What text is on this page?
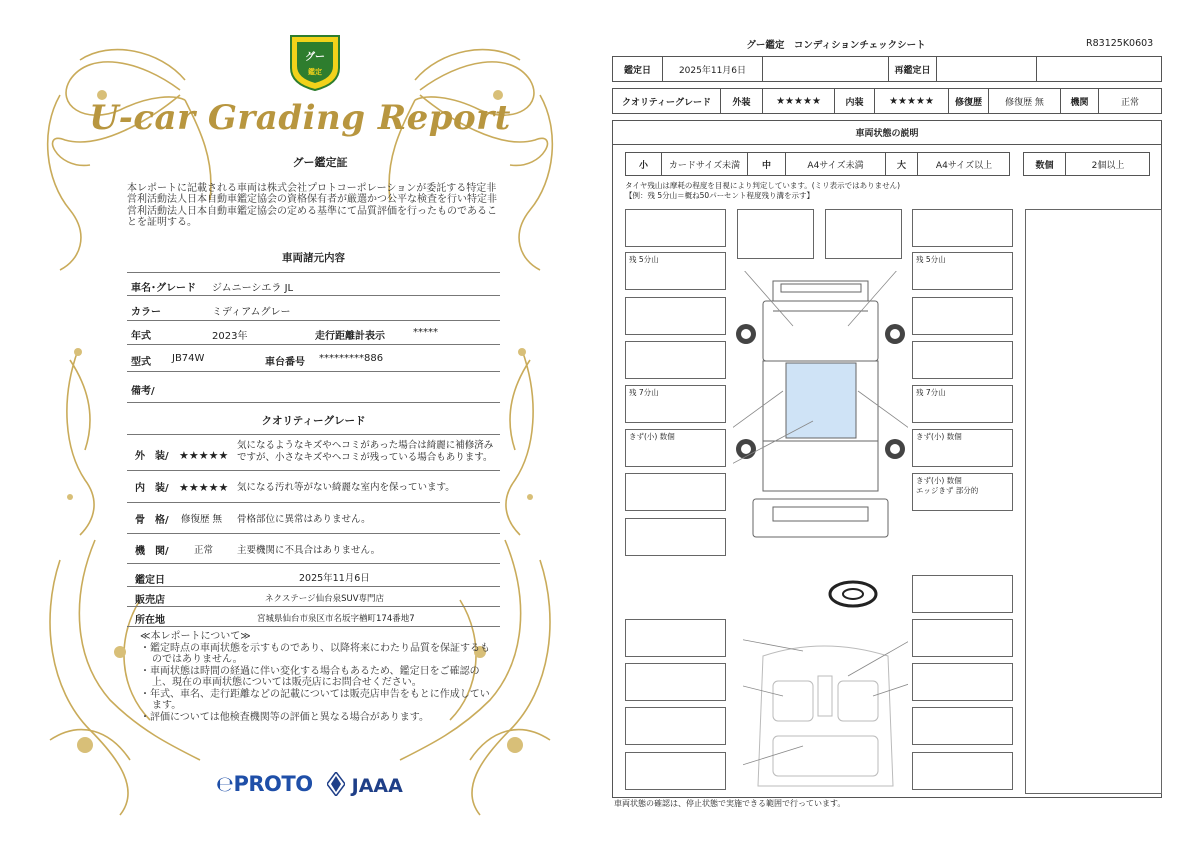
グー
鑑定
U-car Grading Report
グー鑑定証
本レポートに記載される車両は株式会社プロトコーポレーションが委託する特定非営利活動法人日本自動車鑑定協会の資格保有者が厳選かつ公平な検査を行い特定非営利活動法人日本自動車鑑定協会の定める基準にて品質評価を行ったものであることを証明する。
車両諸元内容
車名･グレード ジムニーシエラ JL
カラー	ミディアムグレー
年式	2023年	走行距離計表示	*****
型式 JB74W	車台番号 *********886
備考/
クオリティーグレード
外　装/ ★★★★★
気になるようなキズやヘコミがあった場合は綺麗に補修済みですが、小さなキズやヘコミが残っている場合もあります。
内　装/ ★★★★★ 気になる汚れ等がない綺麗な室内を保っています。
骨　格/ 修復歴 無 骨格部位に異常はありません。
機　関/	正常	主要機関に不具合はありません。
鑑定日	2025年11月6日
販売店	ネクステージ仙台泉SUV専門店
所在地	宮城県仙台市泉区市名坂字楢町174番地7
≪本レポートについて≫
・鑑定時点の車両状態を示すものであり、以降将来にわたり品質を保証するものではありません。
・車両状態は時間の経過に伴い変化する場合もあるため、鑑定日をご確認の上、現在の車両状態については販売店にお問合せください。
・年式、車名、走行距離などの記載については販売店申告をもとに作成しています。
・評価については他検査機関等の評価と異なる場合があります。
℮PROTO	JAAA
グー鑑定　コンディションチェックシート	R83125K0603
鑑定日	2025年11月6日	再鑑定日
クオリティーグレード	外装	★★★★★	内装	★★★★★	修復歴	修復歴 無	機関	正常
車両状態の説明
小	カードサイズ未満	中	A4サイズ未満	大	A4サイズ以上	数個	2個以上
タイヤ残山は摩耗の程度を目視により判定しています。(ミリ表示ではありません)
【例：残 5分山＝概ね50パーセント程度残り溝を示す】
残 5分山
残 7分山
きず(小) 数個
残 5分山
残 7分山
きず(小) 数個
きず(小) 数個
エッジきず 部分的
車両状態の確認は、停止状態で実施できる範囲で行っています。
